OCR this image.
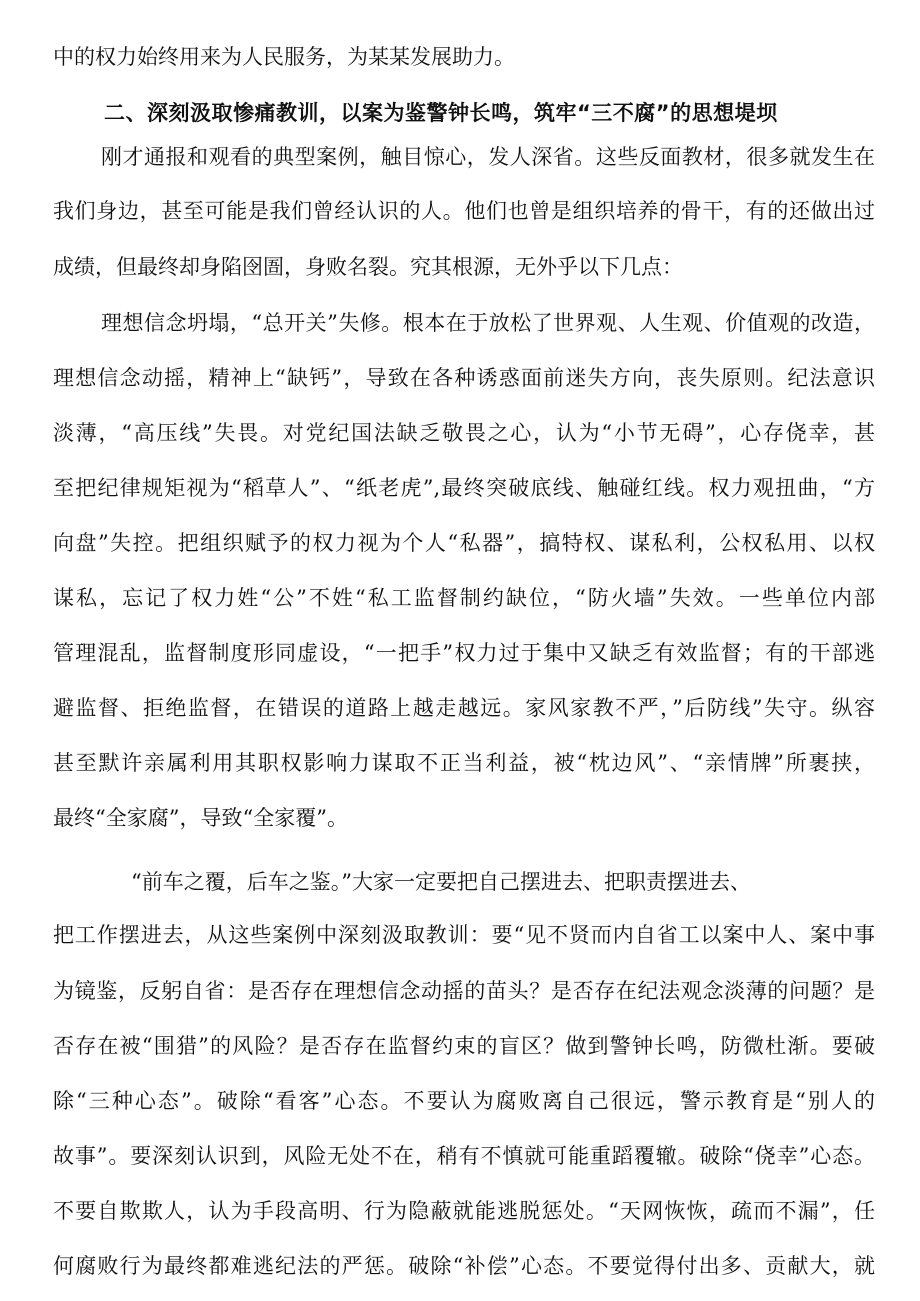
中的权力始终用来为人民服务，为某某发展助力。
二、深刻汲取惨痛教训，以案为鉴警钟长鸣，筑牢“三不腐”的思想堤坝
刚才通报和观看的典型案例，触目惊心，发人深省。这些反面教材，很多就发生在
我们身边，甚至可能是我们曾经认识的人。他们也曾是组织培养的骨干，有的还做出过
成绩，但最终却身陷囹圄，身败名裂。究其根源，无外乎以下几点：
理想信念坍塌，“总开关”失修。根本在于放松了世界观、人生观、价值观的改造，
理想信念动摇，精神上“缺钙”，导致在各种诱惑面前迷失方向，丧失原则。纪法意识
淡薄，“高压线”失畏。对党纪国法缺乏敬畏之心，认为“小节无碍”，心存侥幸，甚
至把纪律规矩视为“稻草人”、“纸老虎”,最终突破底线、触碰红线。权力观扭曲，“方
向盘”失控。把组织赋予的权力视为个人“私器”，搞特权、谋私利，公权私用、以权
谋私，忘记了权力姓“公”不姓“私工监督制约缺位，“防火墙”失效。一些单位内部
管理混乱，监督制度形同虚设，“一把手”权力过于集中又缺乏有效监督；有的干部逃
避监督、拒绝监督，在错误的道路上越走越远。家风家教不严，”后防线”失守。纵容
甚至默许亲属利用其职权影响力谋取不正当利益，被“枕边风”、“亲情牌”所裹挟，
最终“全家腐”，导致“全家覆”。
“前车之覆，后车之鉴。”大家一定要把自己摆进去、把职责摆进去、
把工作摆进去，从这些案例中深刻汲取教训：要“见不贤而内自省工以案中人、案中事
为镜鉴，反躬自省：是否存在理想信念动摇的苗头？是否存在纪法观念淡薄的问题？是
否存在被“围猎”的风险？是否存在监督约束的盲区？做到警钟长鸣，防微杜渐。要破
除“三种心态”。破除“看客”心态。不要认为腐败离自己很远，警示教育是“别人的
故事”。要深刻认识到，风险无处不在，稍有不慎就可能重蹈覆辙。破除“侥幸”心态。
不要自欺欺人，认为手段高明、行为隐蔽就能逃脱惩处。“天网恢恢，疏而不漏”，任
何腐败行为最终都难逃纪法的严惩。破除“补偿”心态。不要觉得付出多、贡献大，就
